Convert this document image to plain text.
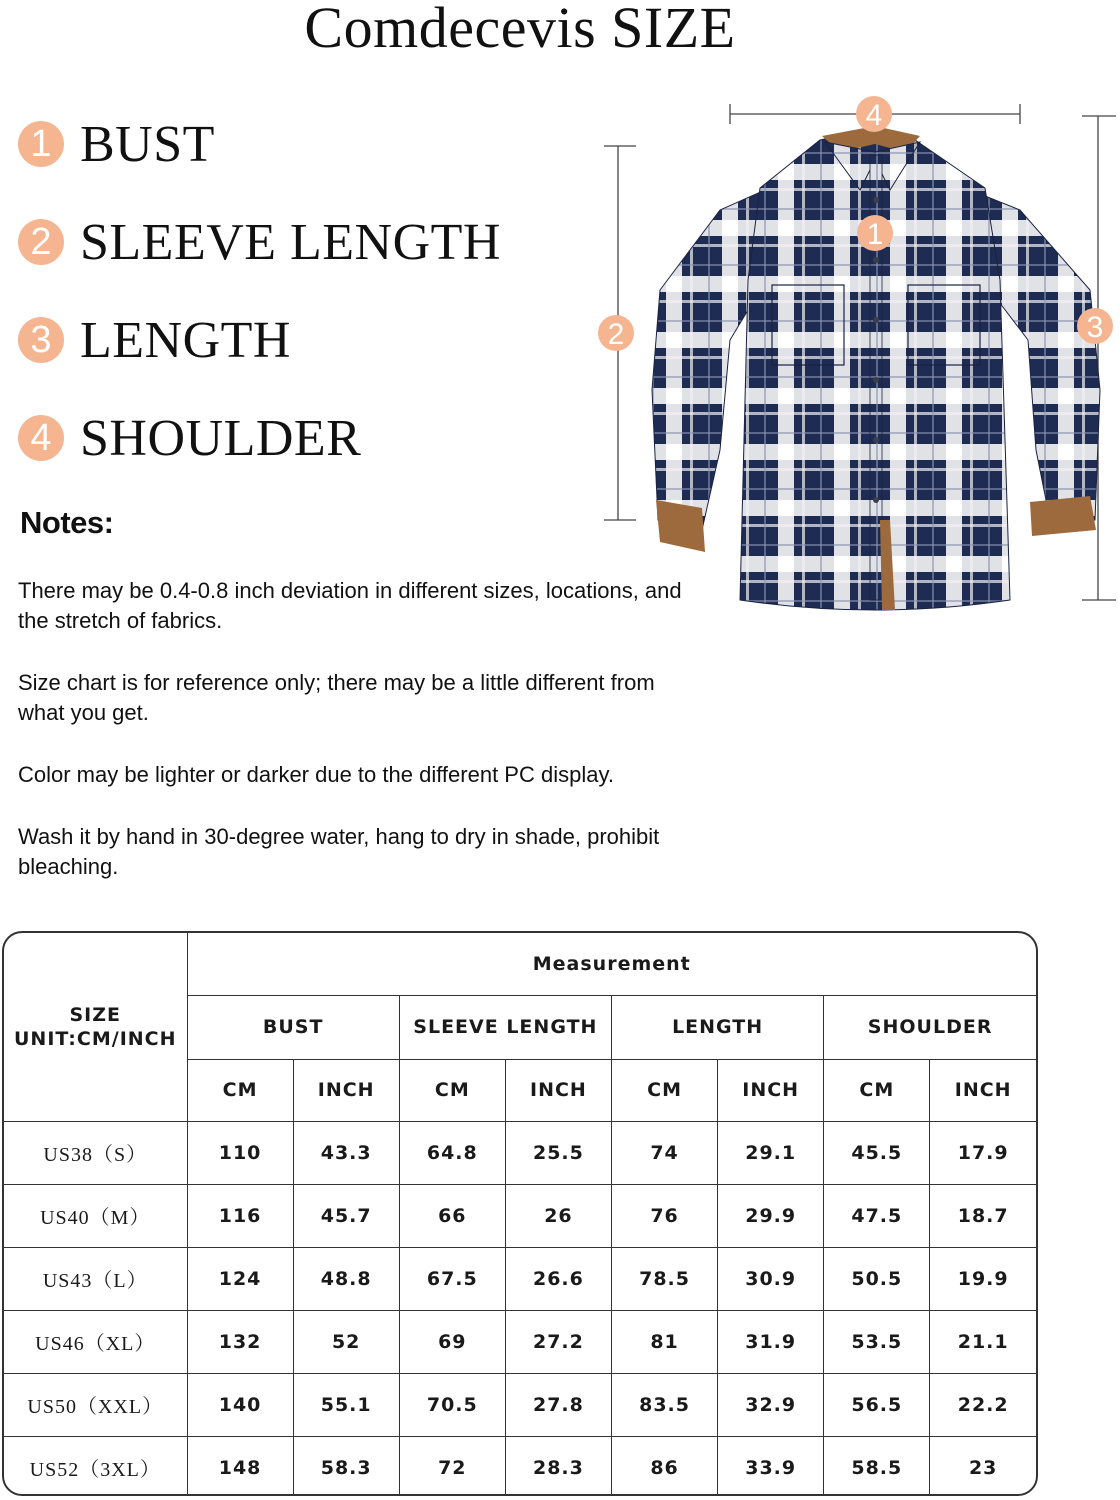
Comdecevis SIZE
1 BUST
2 SLEEVE LENGTH
3 LENGTH
4 SHOULDER
Notes:

There may be 0.4-0.8 inch deviation in different sizes, locations, and the stretch of fabrics.

Size chart is for reference only; there may be a little different from what you get.

Color may be lighter or darker due to the different PC display.

Wash it by hand in 30-degree water, hang to dry in shade, prohibit bleaching.

1
2	3
4
SIZE
UNIT:CM/INCH	Measurement							
	BUST		SLEEVE LENGTH		LENGTH		SHOULDER	
	CM	INCH	CM	INCH	CM	INCH	CM	INCH
US38（S）	110	43.3	64.8	25.5	74	29.1	45.5	17.9
US40（M）	116	45.7	66	26	76	29.9	47.5	18.7
US43（L）	124	48.8	67.5	26.6	78.5	30.9	50.5	19.9
US46（XL）	132	52	69	27.2	81	31.9	53.5	21.1
US50（XXL）	140	55.1	70.5	27.8	83.5	32.9	56.5	22.2
US52（3XL）	148	58.3	72	28.3	86	33.9	58.5	23
